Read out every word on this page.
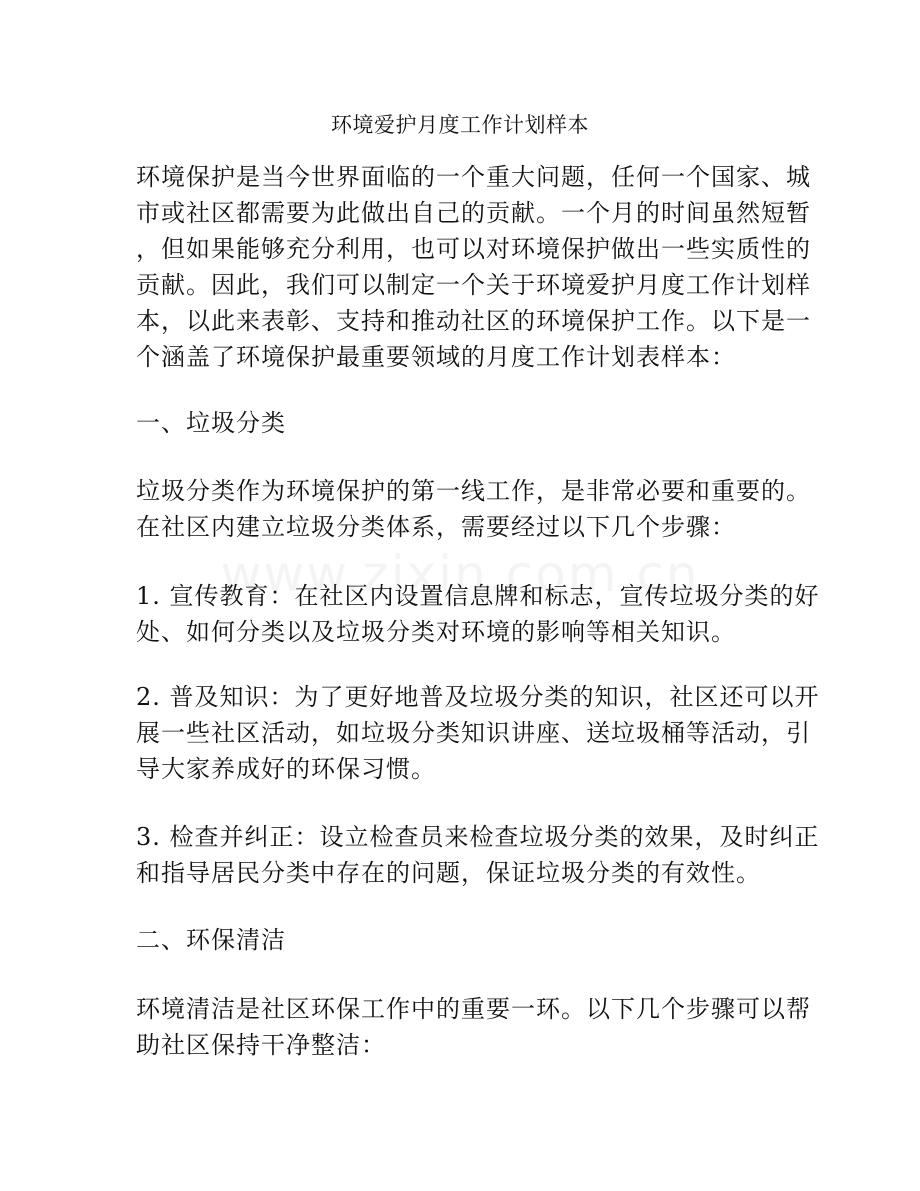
环境爱护月度工作计划样本
环境保护是当今世界面临的一个重大问题，任何一个国家、城
市或社区都需要为此做出自己的贡献。一个月的时间虽然短暂
，但如果能够充分利用，也可以对环境保护做出一些实质性的
贡献。因此，我们可以制定一个关于环境爱护月度工作计划样
本，以此来表彰、支持和推动社区的环境保护工作。以下是一
个涵盖了环境保护最重要领域的月度工作计划表样本：
一、垃圾分类
垃圾分类作为环境保护的第一线工作，是非常必要和重要的。
在社区内建立垃圾分类体系，需要经过以下几个步骤：
1. 宣传教育：在社区内设置信息牌和标志，宣传垃圾分类的好
处、如何分类以及垃圾分类对环境的影响等相关知识。
2. 普及知识：为了更好地普及垃圾分类的知识，社区还可以开
展一些社区活动，如垃圾分类知识讲座、送垃圾桶等活动，引
导大家养成好的环保习惯。
3. 检查并纠正：设立检查员来检查垃圾分类的效果，及时纠正
和指导居民分类中存在的问题，保证垃圾分类的有效性。
二、环保清洁
环境清洁是社区环保工作中的重要一环。以下几个步骤可以帮
助社区保持干净整洁：
